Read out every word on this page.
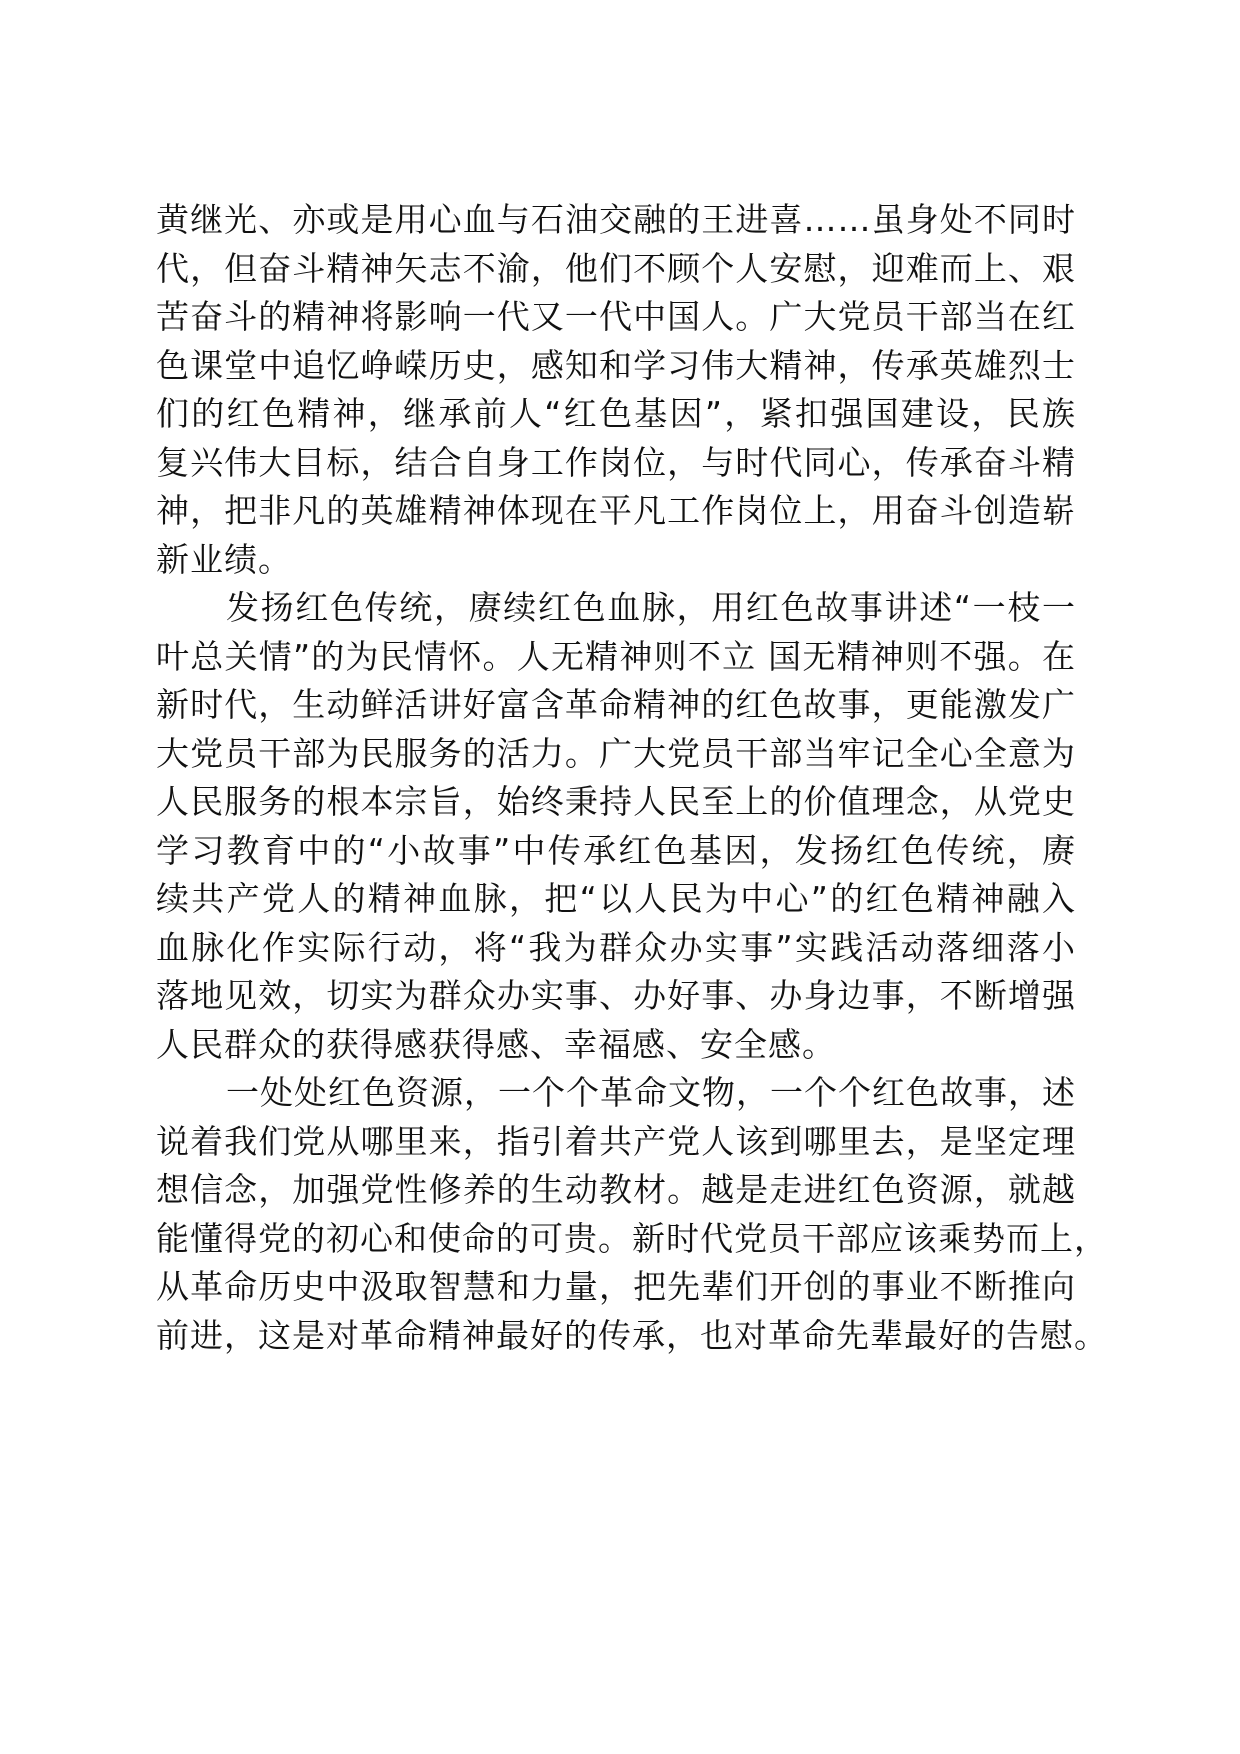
黄继光、亦或是用心血与石油交融的王进喜……虽身处不同时
代，但奋斗精神矢志不渝，他们不顾个人安慰，迎难而上、艰
苦奋斗的精神将影响一代又一代中国人。广大党员干部当在红
色课堂中追忆峥嵘历史，感知和学习伟大精神，传承英雄烈士
们的红色精神，继承前人“红色基因”，紧扣强国建设，民族
复兴伟大目标，结合自身工作岗位，与时代同心，传承奋斗精
神，把非凡的英雄精神体现在平凡工作岗位上，用奋斗创造崭
新业绩。
发扬红色传统，赓续红色血脉，用红色故事讲述“一枝一
叶总关情”的为民情怀。人无精神则不立 国无精神则不强。在
新时代，生动鲜活讲好富含革命精神的红色故事，更能激发广
大党员干部为民服务的活力。广大党员干部当牢记全心全意为
人民服务的根本宗旨，始终秉持人民至上的价值理念，从党史
学习教育中的“小故事”中传承红色基因，发扬红色传统，赓
续共产党人的精神血脉，把“以人民为中心”的红色精神融入
血脉化作实际行动，将“我为群众办实事”实践活动落细落小
落地见效，切实为群众办实事、办好事、办身边事，不断增强
人民群众的获得感获得感、幸福感、安全感。
一处处红色资源，一个个革命文物，一个个红色故事，述
说着我们党从哪里来，指引着共产党人该到哪里去，是坚定理
想信念，加强党性修养的生动教材。越是走进红色资源，就越
能懂得党的初心和使命的可贵。新时代党员干部应该乘势而上，
从革命历史中汲取智慧和力量，把先辈们开创的事业不断推向
前进，这是对革命精神最好的传承，也对革命先辈最好的告慰。
